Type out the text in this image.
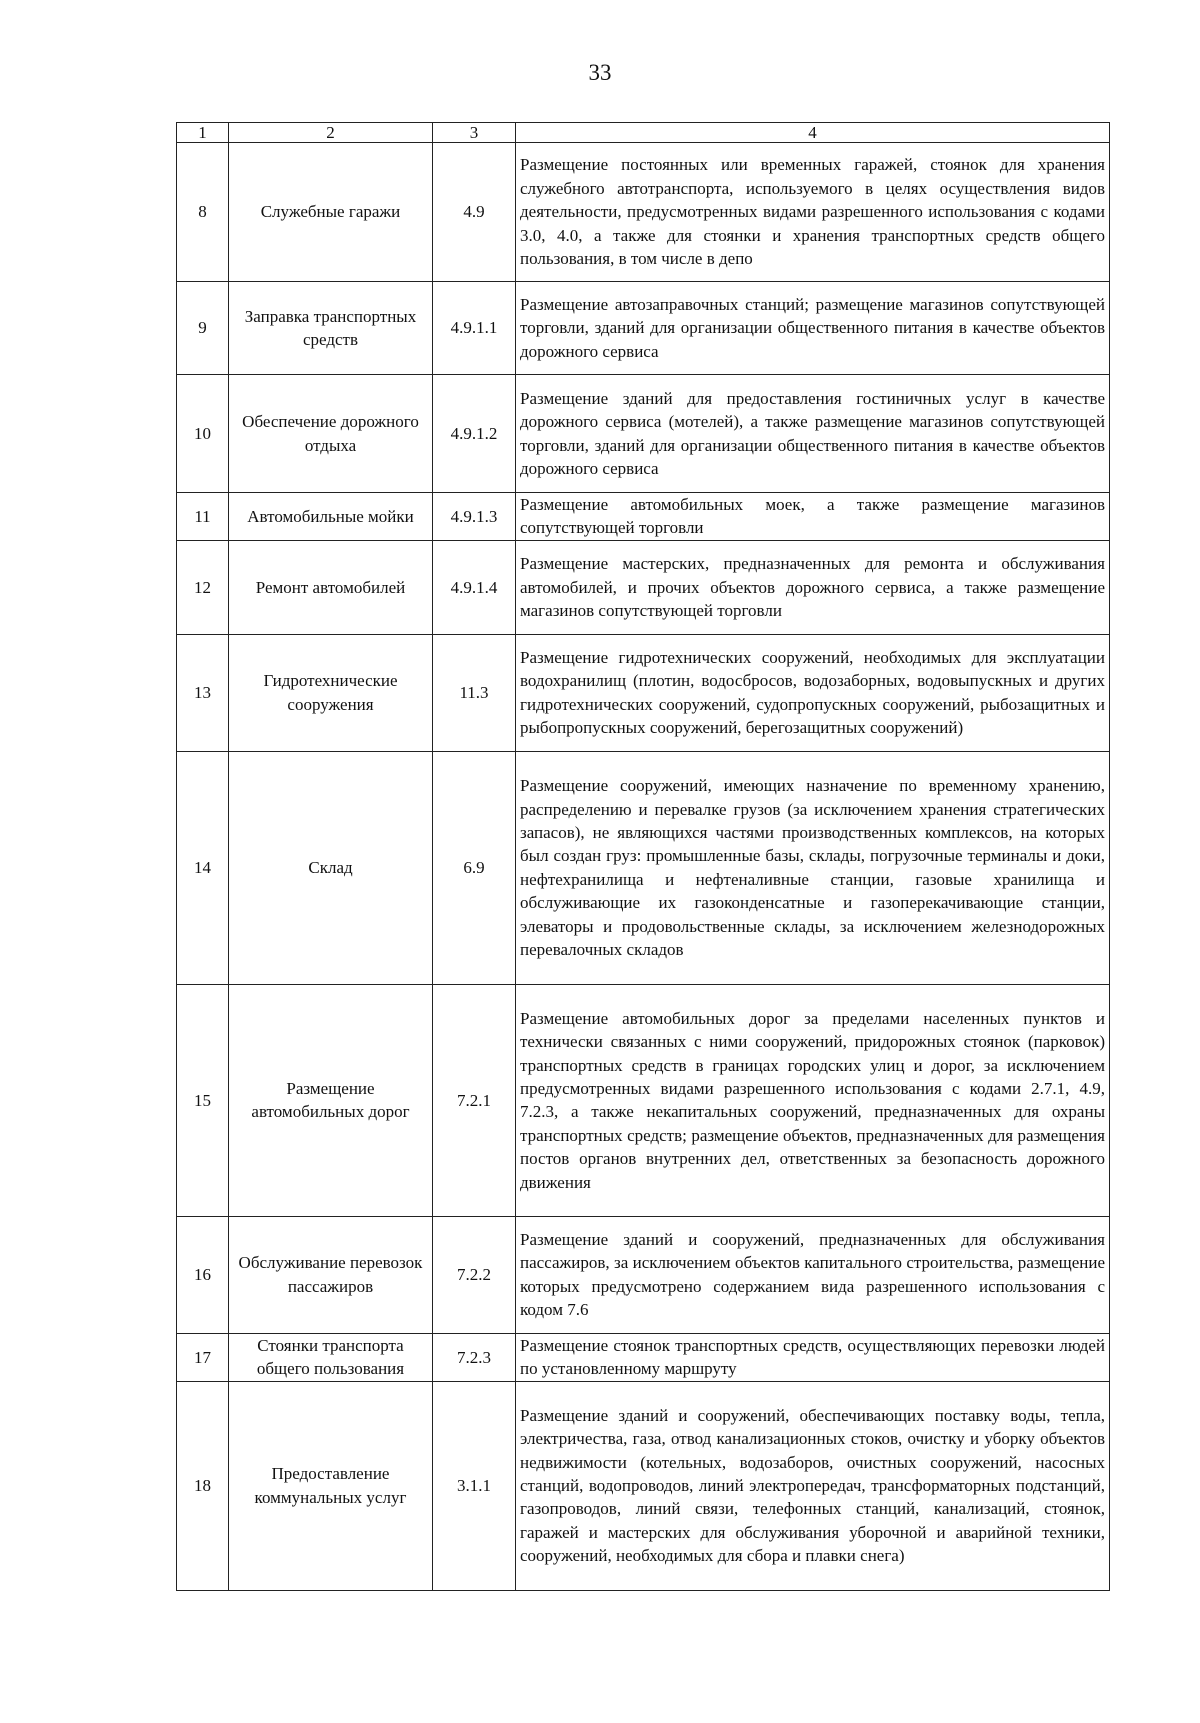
33
1	2	3	4
8	Служебные гаражи	4.9	Размещение постоянных или временных гаражей, стоянок для хранения служебного автотранспорта, используемого в целях осуществления видов деятельности, предусмотренных видами разрешенного использования с кодами 3.0, 4.0, а также для стоянки и хранения транспортных средств общего пользования, в том числе в депо
9	Заправка транспортных средств	4.9.1.1	Размещение автозаправочных станций; размещение магазинов сопутствующей торговли, зданий для организации общественного питания в качестве объектов дорожного сервиса
10	Обеспечение дорожного отдыха	4.9.1.2	Размещение зданий для предоставления гостиничных услуг в качестве дорожного сервиса (мотелей), а также размещение магазинов сопутствующей торговли, зданий для организации общественного питания в качестве объектов дорожного сервиса
11	Автомобильные мойки	4.9.1.3	Размещение автомобильных моек, а также размещение магазинов сопутствующей торговли
12	Ремонт автомобилей	4.9.1.4	Размещение мастерских, предназначенных для ремонта и обслуживания автомобилей, и прочих объектов дорожного сервиса, а также размещение магазинов сопутствующей торговли
13	Гидротехнические сооружения	11.3	Размещение гидротехнических сооружений, необходимых для эксплуатации водохранилищ (плотин, водосбросов, водозаборных, водовыпускных и других гидротехнических сооружений, судопропускных сооружений, рыбозащитных и рыбопропускных сооружений, берегозащитных сооружений)
14	Склад	6.9	Размещение сооружений, имеющих назначение по временному хранению, распределению и перевалке грузов (за исключением хранения стратегических запасов), не являющихся частями производственных комплексов, на которых был создан груз: промышленные базы, склады, погрузочные терминалы и доки, нефтехранилища и нефтеналивные станции, газовые хранилища и обслуживающие их газоконденсатные и газоперекачивающие станции, элеваторы и продовольственные склады, за исключением железнодорожных перевалочных складов
15	Размещение автомобильных дорог	7.2.1	Размещение автомобильных дорог за пределами населенных пунктов и технически связанных с ними сооружений, придорожных стоянок (парковок) транспортных средств в границах городских улиц и дорог, за исключением предусмотренных видами разрешенного использования с кодами 2.7.1, 4.9, 7.2.3, а также некапитальных сооружений, предназначенных для охраны транспортных средств; размещение объектов, предназначенных для размещения постов органов внутренних дел, ответственных за безопасность дорожного движения
16	Обслуживание перевозок пассажиров	7.2.2	Размещение зданий и сооружений, предназначенных для обслуживания пассажиров, за исключением объектов капитального строительства, размещение которых предусмотрено содержанием вида разрешенного использования с кодом 7.6
17	Стоянки транспорта общего пользования	7.2.3	Размещение стоянок транспортных средств, осуществляющих перевозки людей по установленному маршруту
18	Предоставление коммунальных услуг	3.1.1	Размещение зданий и сооружений, обеспечивающих поставку воды, тепла, электричества, газа, отвод канализационных стоков, очистку и уборку объектов недвижимости (котельных, водозаборов, очистных сооружений, насосных станций, водопроводов, линий электропередач, трансформаторных подстанций, газопроводов, линий связи, телефонных станций, канализаций, стоянок, гаражей и мастерских для обслуживания уборочной и аварийной техники, сооружений, необходимых для сбора и плавки снега)
